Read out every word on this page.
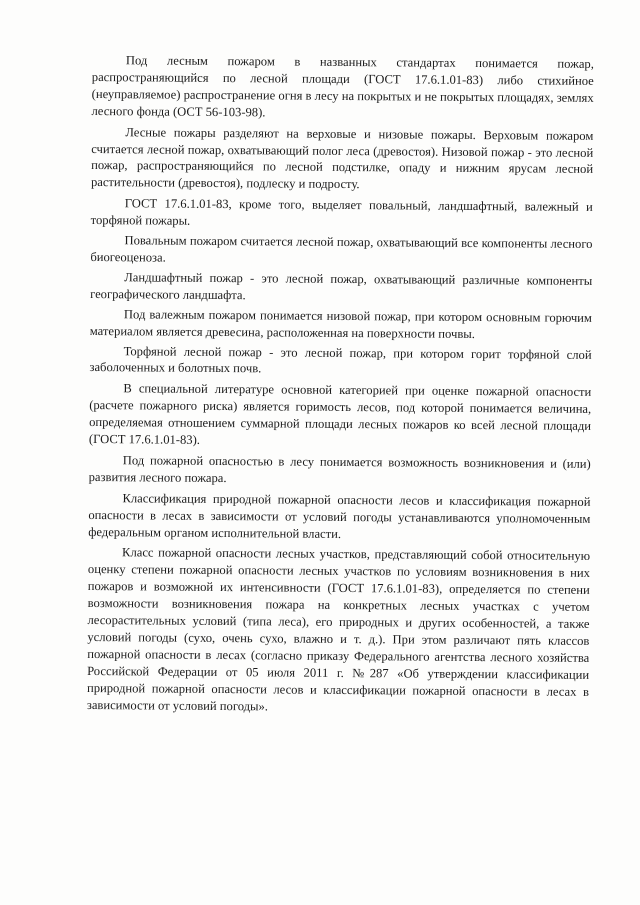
Под лесным пожаром в названных стандартах понимается пожар, распространяющийся по лесной площади (ГОСТ 17.6.1.01-83) либо стихийное (неуправляемое) распространение огня в лесу на покрытых и не покрытых площадях, землях лесного фонда (ОСТ 56-103-98).

Лесные пожары разделяют на верховые и низовые пожары. Верховым пожаром считается лесной пожар, охватывающий полог леса (древостоя). Низовой пожар - это лесной пожар, распространяющийся по лесной подстилке, опаду и нижним ярусам лесной растительности (древостоя), подлеску и подросту.

ГОСТ 17.6.1.01-83, кроме того, выделяет повальный, ландшафтный, валежный и торфяной пожары.

Повальным пожаром считается лесной пожар, охватывающий все компоненты лесного биогеоценоза.

Ландшафтный пожар - это лесной пожар, охватывающий различные компоненты географического ландшафта.

Под валежным пожаром понимается низовой пожар, при котором основным горючим материалом является древесина, расположенная на поверхности почвы.

Торфяной лесной пожар - это лесной пожар, при котором горит торфяной слой заболоченных и болотных почв.

В специальной литературе основной категорией при оценке пожарной опасности (расчете пожарного риска) является горимость лесов, под которой понимается величина, определяемая отношением суммарной площади лесных пожаров ко всей лесной площади (ГОСТ 17.6.1.01-83).

Под пожарной опасностью в лесу понимается возможность возникновения и (или) развития лесного пожара.

Классификация природной пожарной опасности лесов и классификация пожарной опасности в лесах в зависимости от условий погоды устанавливаются уполномоченным федеральным органом исполнительной власти.

Класс пожарной опасности лесных участков, представляющий собой относительную оценку степени пожарной опасности лесных участков по условиям возникновения в них пожаров и возможной их интенсивности (ГОСТ 17.6.1.01-83), определяется по степени возможности возникновения пожара на конкретных лесных участках с учетом лесорастительных условий (типа леса), его природных и других особенностей, а также условий погоды (сухо, очень сухо, влажно и т. д.). При этом различают пять классов пожарной опасности в лесах (согласно приказу Федерального агентства лесного хозяйства Российской Федерации от 05 июля 2011 г. №287 «Об утверждении классификации природной пожарной опасности лесов и классификации пожарной опасности в лесах в зависимости от условий погоды».
